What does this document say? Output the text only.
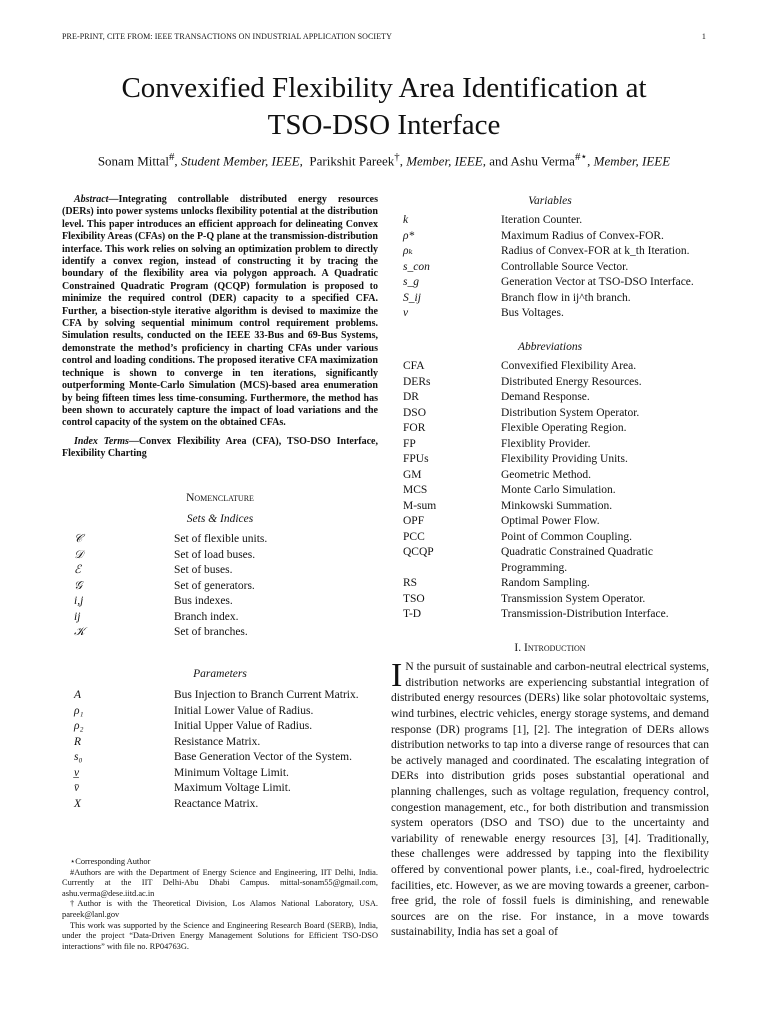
PRE-PRINT, CITE FROM: IEEE TRANSACTIONS ON INDUSTRIAL APPLICATION SOCIETY	1
Convexified Flexibility Area Identification at
TSO-DSO Interface
Sonam Mittal#, Student Member, IEEE, Parikshit Pareek†, Member, IEEE, and Ashu Verma#⋆, Member, IEEE

Abstract—Integrating controllable distributed energy resources (DERs) into power systems unlocks flexibility potential at the distribution level. This paper introduces an efficient approach for delineating Convex Flexibility Areas (CFAs) on the P-Q plane at the transmission-distribution interface. This work relies on solving an optimization problem to directly identify a convex region, instead of constructing it by tracing the boundary of the flexibility area via polygon approach. A Quadratic Constrained Quadratic Program (QCQP) formulation is proposed to minimize the required control (DER) capacity to a specified CFA. Further, a bisection-style iterative algorithm is devised to maximize the CFA by solving sequential minimum control requirement problems. Simulation results, conducted on the IEEE 33-Bus and 69-Bus Systems, demonstrate the method’s proficiency in charting CFAs under various control and loading conditions. The proposed iterative CFA maximization technique is shown to converge in ten iterations, significantly outperforming Monte-Carlo Simulation (MCS)-based area enumeration by being fifteen times less time-consuming. Furthermore, the method has been shown to accurately capture the impact of load variations and the control capacity of the system on the obtained CFAs.

Index Terms—Convex Flexibility Area (CFA), TSO-DSO Interface, Flexibility Charting

Nomenclature
Sets & Indices
𝒞	Set of flexible units.
𝒟	Set of load buses.
ℰ	Set of buses.
𝒢	Set of generators.
i,j	Bus indexes.
ij	Branch index.
𝒦	Set of branches.
Parameters
A	Bus Injection to Branch Current Matrix.
ρ₁	Initial Lower Value of Radius.
ρ₂	Initial Upper Value of Radius.
R	Resistance Matrix.
s₀	Base Generation Vector of the System.
v̲	Minimum Voltage Limit.
v̄	Maximum Voltage Limit.
X	Reactance Matrix.

⋆Corresponding Author

#Authors are with the Department of Energy Science and Engineering, IIT Delhi, India. Currently at the IIT Delhi-Abu Dhabi Campus. mittal-sonam55@gmail.com, ashu.verma@dese.iitd.ac.in

†Author is with the Theoretical Division, Los Alamos National Laboratory, USA. pareek@lanl.gov

This work was supported by the Science and Engineering Research Board (SERB), India, under the project “Data-Driven Energy Management Solutions for Efficient TSO-DSO interactions” with file no. RP04763G.

Variables
k	Iteration Counter.
ρ*	Maximum Radius of Convex-FOR.
ρₖ	Radius of Convex-FOR at k_th Iteration.
s_con	Controllable Source Vector.
s_g	Generation Vector at TSO-DSO Interface.
S_ij	Branch flow in ij^th branch.
v	Bus Voltages.
Abbreviations
CFA	Convexified Flexibility Area.
DERs	Distributed Energy Resources.
DR	Demand Response.
DSO	Distribution System Operator.
FOR	Flexible Operating Region.
FP	Flexiblity Provider.
FPUs	Flexibility Providing Units.
GM	Geometric Method.
MCS	Monte Carlo Simulation.
M-sum	Minkowski Summation.
OPF	Optimal Power Flow.
PCC	Point of Common Coupling.
QCQP	Quadratic Constrained Quadratic Programming.
RS	Random Sampling.
TSO	Transmission System Operator.
T-D	Transmission-Distribution Interface.
I. Introduction

I N the pursuit of sustainable and carbon-neutral electrical systems, distribution networks are experiencing substantial integration of distributed energy resources (DERs) like solar photovoltaic systems, wind turbines, electric vehicles, energy storage systems, and demand response (DR) programs [1], [2]. The integration of DERs allows distribution networks to tap into a diverse range of resources that can be actively managed and coordinated. The escalating integration of DERs into distribution grids poses substantial operational and planning challenges, such as voltage regulation, frequency control, congestion management, etc., for both distribution and transmission system operators (DSO and TSO) due to the uncertainty and variability of renewable energy resources [3], [4]. Traditionally, these challenges were addressed by tapping into the flexibility offered by conventional power plants, i.e., coal-fired, hydroelectric facilities, etc. However, as we are moving towards a greener, carbon-free grid, the role of fossil fuels is diminishing, and renewable sources are on the rise. For instance, in a move towards sustainability, India has set a goal of
